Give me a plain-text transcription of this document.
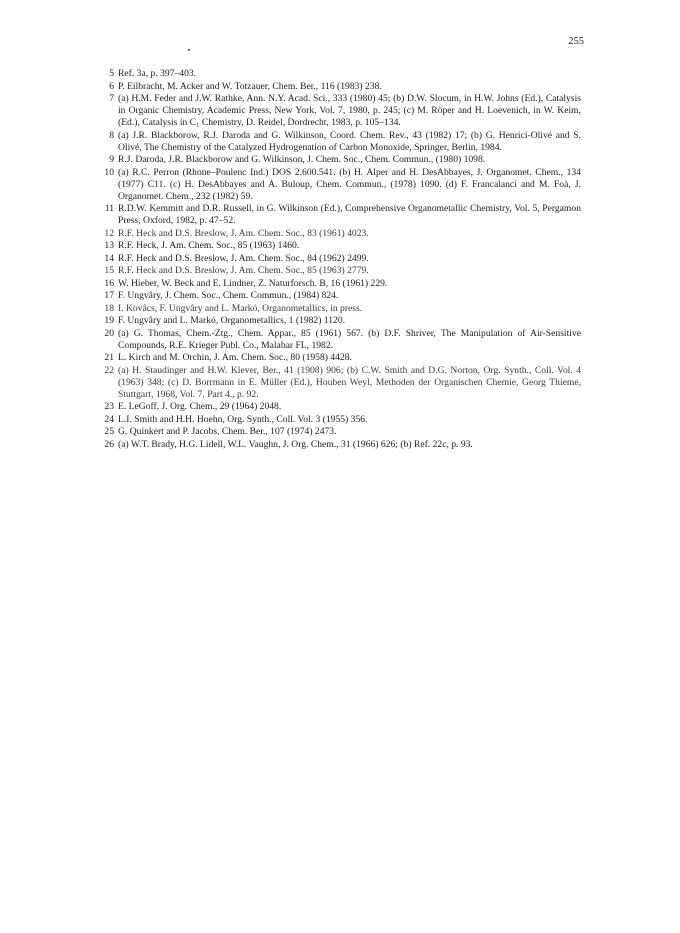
255
5 Ref. 3a, p. 397–403.
6 P. Eilbracht, M. Acker and W. Totzauer, Chem. Ber., 116 (1983) 238.
7 (a) H.M. Feder and J.W. Rathke, Ann. N.Y. Acad. Sci., 333 (1980) 45; (b) D.W. Slocum, in H.W. Johns (Ed.), Catalysis in Organic Chemistry, Academic Press, New York, Vol. 7, 1980, p. 245; (c) M. Röper and H. Loevenich, in W. Keim, (Ed.), Catalysis in C₁ Chemistry, D. Reidel, Dordrecht, 1983, p. 105–134.
8 (a) J.R. Blackborow, R.J. Daroda and G. Wilkinson, Coord. Chem. Rev., 43 (1982) 17; (b) G. Henrici-Olivé and S. Olivé, The Chemistry of the Catalyzed Hydrogenation of Carbon Monoxide, Springer, Berlin, 1984.
9 R.J. Daroda, J.R. Blackborow and G. Wilkinson, J. Chem. Soc., Chem. Commun., (1980) 1098.
10 (a) R.C. Perron (Rhone–Poulenc Ind.) DOS 2.600.541. (b) H. Alper and H. DesAbbayes, J. Organomet. Chem., 134 (1977) C11. (c) H. DesAbbayes and A. Buloup, Chem. Commun., (1978) 1090. (d) F. Francalanci and M. Foà, J. Organomet. Chem., 232 (1982) 59.
11 R.D.W. Kemmitt and D.R. Russell, in G. Wilkinson (Ed.), Comprehensive Organometallic Chemistry, Vol. 5, Pergamon Press, Oxford, 1982, p. 47–52.
12 R.F. Heck and D.S. Breslow, J. Am. Chem. Soc., 83 (1961) 4023.
13 R.F. Heck, J. Am. Chem. Soc., 85 (1963) 1460.
14 R.F. Heck and D.S. Breslow, J. Am. Chem. Soc., 84 (1962) 2499.
15 R.F. Heck and D.S. Breslow, J. Am. Chem. Soc., 85 (1963) 2779.
16 W. Hieber, W. Beck and E. Lindner, Z. Naturforsch. B, 16 (1961) 229.
17 F. Ungvâry, J. Chem. Soc., Chem. Commun., (1984) 824.
18 I. Kovâcs, F. Ungvâry and L. Markó, Organometallics, in press.
19 F. Ungvâry and L. Markó, Organometallics, 1 (1982) 1120.
20 (a) G. Thomas, Chem.-Ztg., Chem. Appar., 85 (1961) 567. (b) D.F. Shriver, The Manipulation of Air-Sensitive Compounds, R.E. Krieger Publ. Co., Malabar FL, 1982.
21 L. Kirch and M. Orchin, J. Am. Chem. Soc., 80 (1958) 4428.
22 (a) H. Staudinger and H.W. Klever, Ber., 41 (1908) 906; (b) C.W. Smith and D.G. Norton, Org. Synth., Coll. Vol. 4 (1963) 348; (c) D. Borrmann in E. Müller (Ed.), Houben Weyl, Methoden der Organischen Chemie, Georg Thieme, Stuttgart, 1968, Vol. 7, Part 4., p. 92.
23 E. LeGoff, J. Org. Chem., 29 (1964) 2048.
24 L.I. Smith and H.H. Hoehn, Org. Synth., Coll. Vol. 3 (1955) 356.
25 G. Quinkert and P. Jacobs, Chem. Ber., 107 (1974) 2473.
26 (a) W.T. Brady, H.G. Lidell, W.L. Vaughn, J. Org. Chem., 31 (1966) 626; (b) Ref. 22c, p. 93.
